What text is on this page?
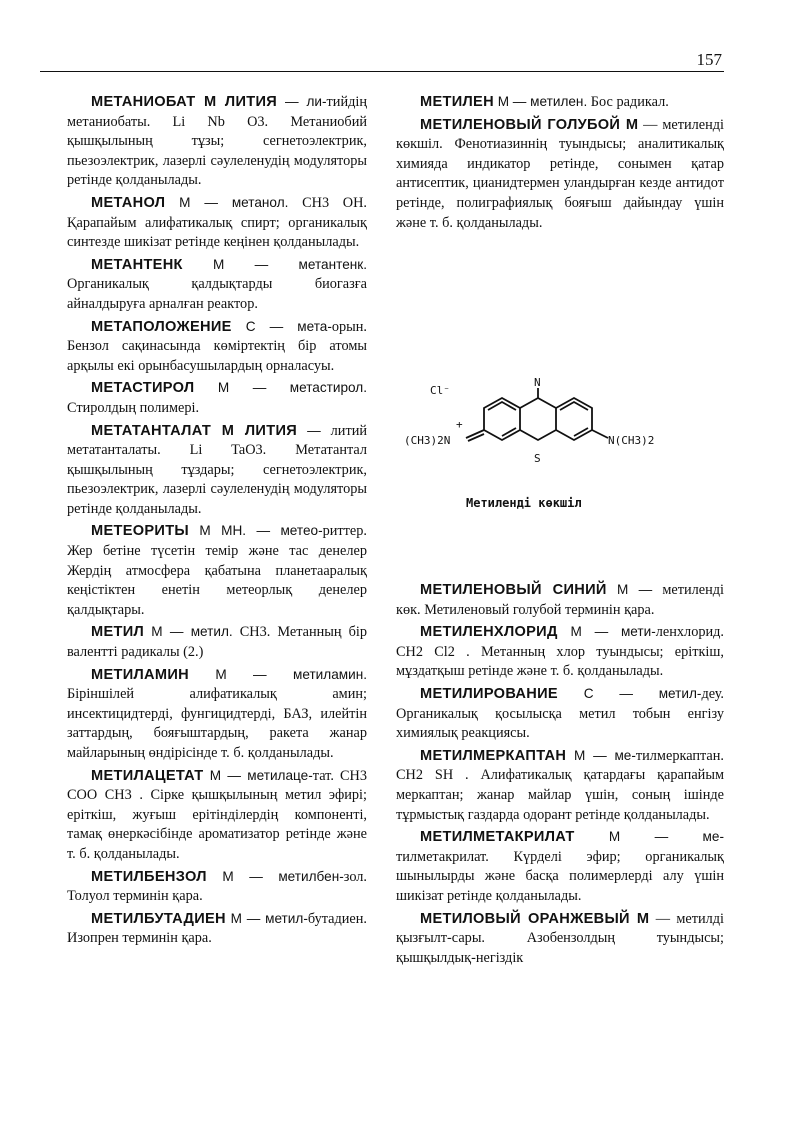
157

МЕТАНИОБАТ М ЛИТИЯ — ли-тийдің метаниобаты. Li Nb O3. Метаниобий қышқылының тұзы; сегнетоэлектрик, пьезоэлектрик, лазерлі сәулеленудің модуляторы ретінде қолданылады.

МЕТАНОЛ М — метанол. CH3 OH. Қарапайым алифатикалық спирт; органикалық синтезде шикізат ретінде кеңінен қолданылады.

МЕТАНТЕНК М — метантенк. Органикалық қалдықтарды биогазға айналдыруға арналған реактор.

МЕТАПОЛОЖЕНИЕ С — мета-орын. Бензол сақинасында көміртектің бір атомы арқылы екі орынбасушылардың орналасуы.

МЕТАСТИРОЛ М — метастирол. Стиролдың полимері.

МЕТАТАНТАЛАТ М ЛИТИЯ — литий метатанталаты. Li TaO3. Метатантал қышқылының тұздары; сегнетоэлектрик, пьезоэлектрик, лазерлі сәулеленудің модуляторы ретінде қолданылады.

МЕТЕОРИТЫ М МН. — метео-риттер. Жер бетіне түсетін темір және тас денелер Жердің атмосфера қабатына планетааралық кеңістіктен енетін метеорлық денелер қалдықтары.

МЕТИЛ М — метил. CH3. Метанның бір валентті радикалы (2.)

МЕТИЛАМИН М — метиламин. Біріншілей алифатикалық амин; инсектицидтерді, фунгицидтерді, БАЗ, илейтін заттардың, бояғыштардың, ракета жанар майларының өндірісінде т. б. қолданылады.

МЕТИЛАЦЕТАТ М — метилаце-тат. CH3 COO CH3 . Сірке қышқылының метил эфирі; еріткіш, жуғыш ерітінділердің компоненті, тамақ өнеркәсібінде ароматизатор ретінде және т. б. қолданылады.

МЕТИЛБЕНЗОЛ М — метилбен-зол. Толуол терминін қара.

МЕТИЛБУТАДИЕН М — метил-бутадиен. Изопрен терминін қара.

МЕТИЛЕН М — метилен. Бос радикал.

МЕТИЛЕНОВЫЙ ГОЛУБОЙ М — метиленді көкшіл. Фенотиазиннің туындысы; аналитикалық химияда индикатор ретінде, сонымен қатар антисептик, цианидтермен уландырған кезде антидот ретінде, полиграфиялық бояғыш дайындау үшін және т. б. қолданылады.

Cl⁻
(CH3)2N
+
N
S
N(CH3)2
Метиленді көкшіл

МЕТИЛЕНОВЫЙ СИНИЙ М — метиленді көк. Метиленовый голубой терминін қара.

МЕТИЛЕНХЛОРИД М — мети-ленхлорид. CH2 Cl2 . Метанның хлор туындысы; еріткіш, мұздатқыш ретінде және т. б. қолданылады.

МЕТИЛИРОВАНИЕ С — метил-деу. Органикалық қосылысқа метил тобын енгізу химиялық реакциясы.

МЕТИЛМЕРКАПТАН М — ме-тилмеркаптан. CH2 SH . Алифатикалық қатардағы қарапайым меркаптан; жанар майлар үшін, соның ішінде тұрмыстық газдарда одорант ретінде қолданылады.

МЕТИЛМЕТАКРИЛАТ М — ме-тилметакрилат. Күрделі эфир; органикалық шынылырды және басқа полимерлерді алу үшін шикізат ретінде қолданылады.

МЕТИЛОВЫЙ ОРАНЖЕВЫЙ М — метилді қызғылт-сары. Азобензолдың туындысы; қышқылдық-негіздік
